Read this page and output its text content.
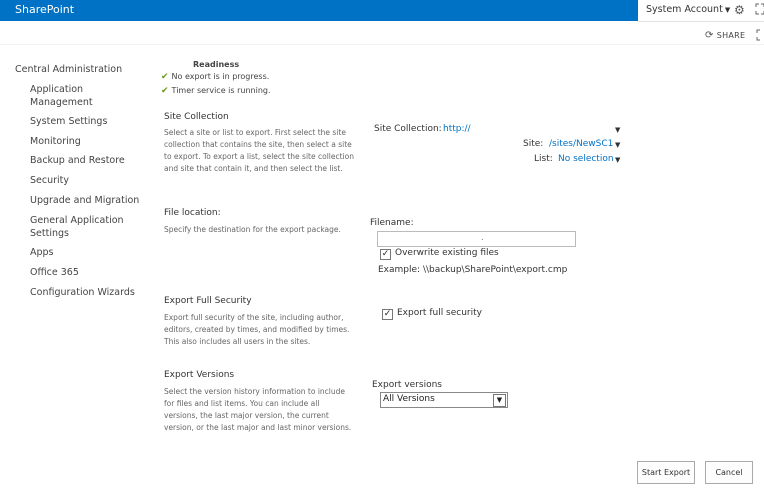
SharePoint	System Account ▼ ⚙
⟳ SHARE
Central Administration
Application Management
System Settings
Monitoring
Backup and Restore
Security
Upgrade and Migration
General Application Settings
Apps
Office 365
Configuration Wizards
Readiness
✔ No export is in progress.
✔ Timer service is running.
Site Collection
Select a site or list to export. First select the site collection that contains the site, then select a site to export. To export a list, select the site collection and site that contain it, and then select the list.
Site Collection: http://	▼
Site: /sites/NewSC1 ▼
List: No selection ▼
File location:
Specify the destination for the export package.
Filename:
.
✓ Overwrite existing files
Example: \\backup\SharePoint\export.cmp
Export Full Security
Export full security of the site, including author, editors, created by times, and modified by times. This also includes all users in the sites.
✓ Export full security
Export Versions
Select the version history information to include for files and list items. You can include all versions, the last major version, the current version, or the last major and last minor versions.
Export versions
All Versions	▼
Start Export	Cancel
